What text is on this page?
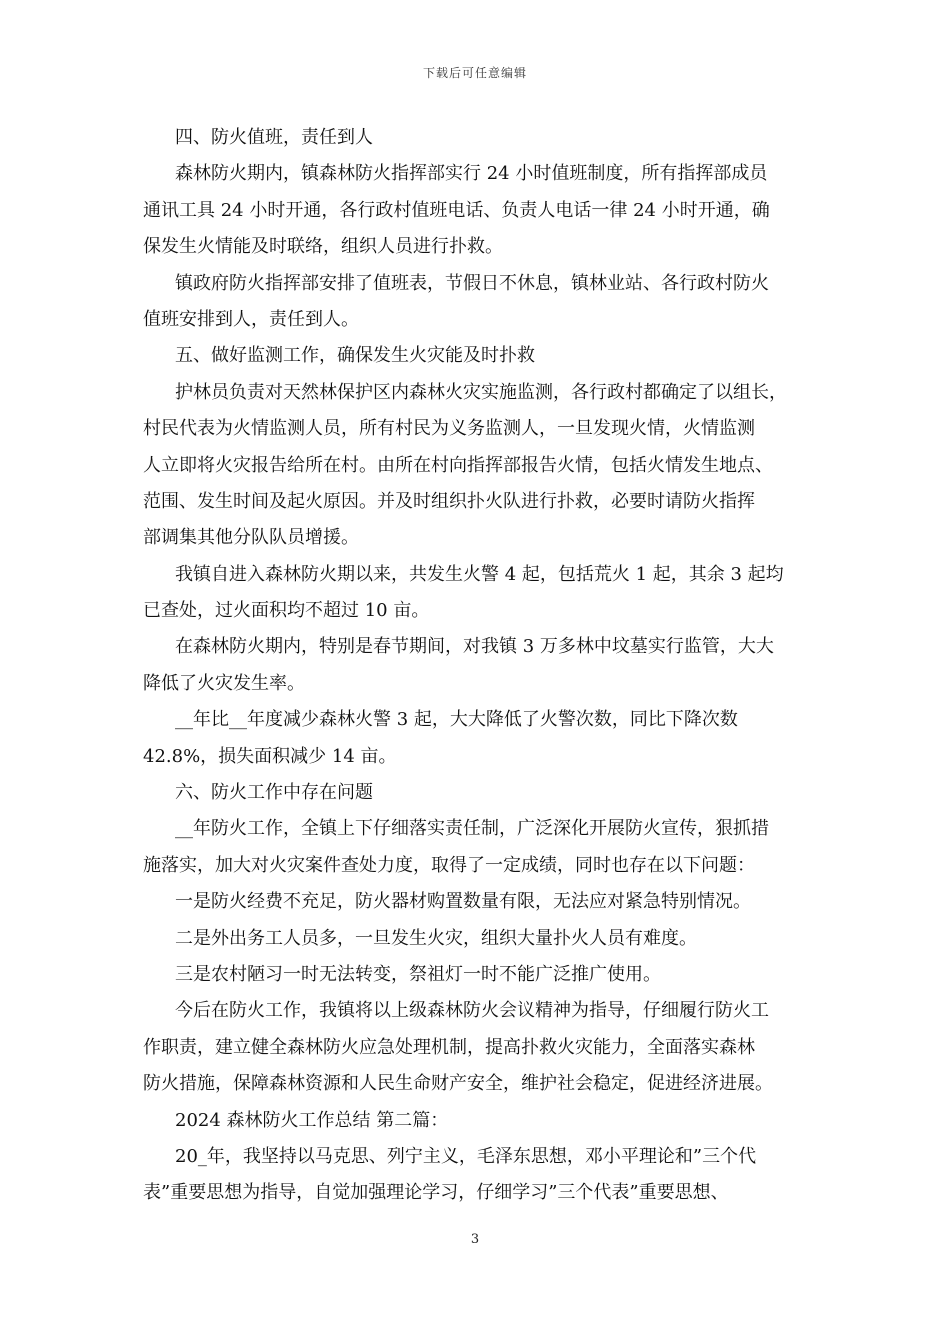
下载后可任意编辑
四、防火值班，责任到人
森林防火期内，镇森林防火指挥部实行 24 小时值班制度，所有指挥部成员
通讯工具 24 小时开通，各行政村值班电话、负责人电话一律 24 小时开通，确
保发生火情能及时联络，组织人员进行扑救。
镇政府防火指挥部安排了值班表，节假日不休息，镇林业站、各行政村防火
值班安排到人，责任到人。
五、做好监测工作，确保发生火灾能及时扑救
护林员负责对天然林保护区内森林火灾实施监测，各行政村都确定了以组长，
村民代表为火情监测人员，所有村民为义务监测人，一旦发现火情，火情监测
人立即将火灾报告给所在村。由所在村向指挥部报告火情，包括火情发生地点、
范围、发生时间及起火原因。并及时组织扑火队进行扑救，必要时请防火指挥
部调集其他分队队员增援。
我镇自进入森林防火期以来，共发生火警 4 起，包括荒火 1 起，其余 3 起均
已查处，过火面积均不超过 10 亩。
在森林防火期内，特别是春节期间，对我镇 3 万多林中坟墓实行监管，大大
降低了火灾发生率。
__年比__年度减少森林火警 3 起，大大降低了火警次数，同比下降次数
42.8%，损失面积减少 14 亩。
六、防火工作中存在问题
__年防火工作，全镇上下仔细落实责任制，广泛深化开展防火宣传，狠抓措
施落实，加大对火灾案件查处力度，取得了一定成绩，同时也存在以下问题：
一是防火经费不充足，防火器材购置数量有限，无法应对紧急特别情况。
二是外出务工人员多，一旦发生火灾，组织大量扑火人员有难度。
三是农村陋习一时无法转变，祭祖灯一时不能广泛推广使用。
今后在防火工作，我镇将以上级森林防火会议精神为指导，仔细履行防火工
作职责，建立健全森林防火应急处理机制，提高扑救火灾能力，全面落实森林
防火措施，保障森林资源和人民生命财产安全，维护社会稳定，促进经济进展。
2024 森林防火工作总结 第二篇：
20_年，我坚持以马克思、列宁主义，毛泽东思想，邓小平理论和”三个代
表”重要思想为指导，自觉加强理论学习，仔细学习”三个代表”重要思想、
3
